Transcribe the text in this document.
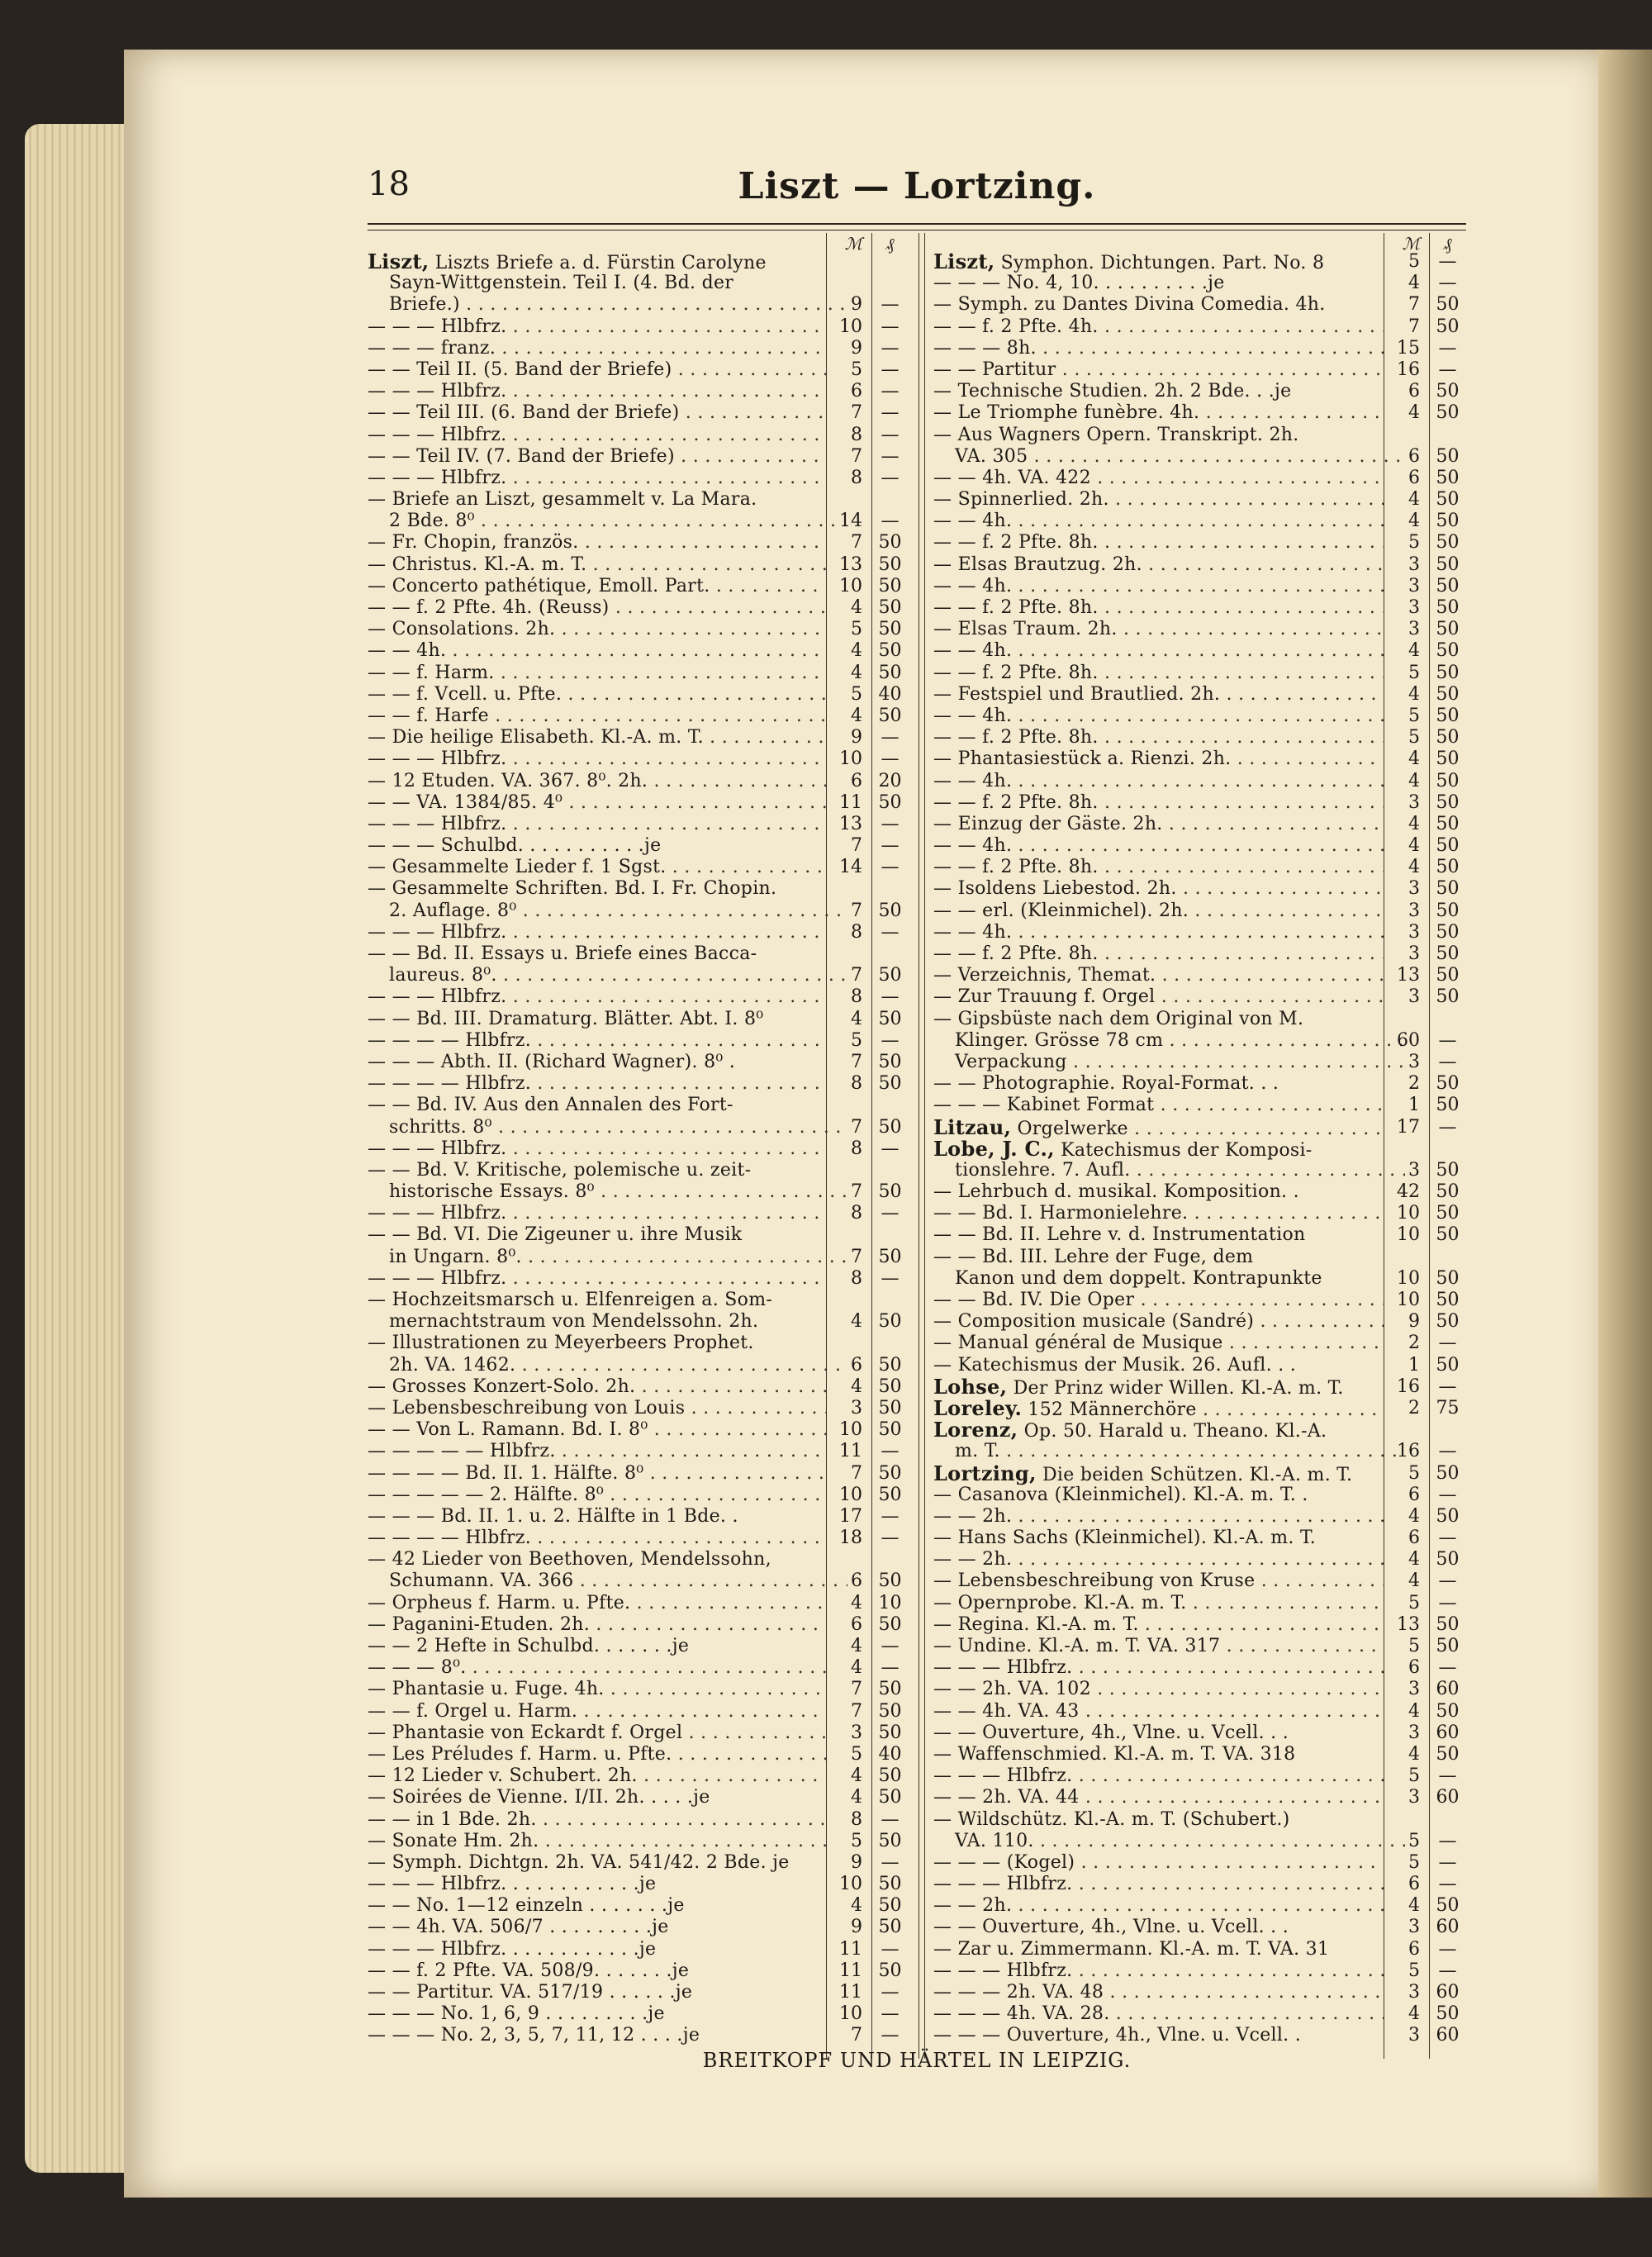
18	Liszt — Lortzing.
ℳ	₰
Liszt, Liszts Briefe a. d. Fürstin Carolyne
Sayn-Wittgenstein. Teil I. (4. Bd. der
Briefe.) . . .	9	—
— — — Hlbfrz. . . .	10	—
— — — franz. . . .	9	—
— — Teil II. (5. Band der Briefe) . . .	5	—
— — — Hlbfrz. . . .	6	—
— — Teil III. (6. Band der Briefe) . . .	7	—
— — — Hlbfrz. . . .	8	—
— — Teil IV. (7. Band der Briefe) . . .	7	—
— — — Hlbfrz. . . .	8	—
— Briefe an Liszt, gesammelt v. La Mara.
2 Bde. 8⁰ . . .	14	—
— Fr. Chopin, französ. . . .	7 50
— Christus. Kl.-A. m. T. . . .	13 50
— Concerto pathétique, Emoll. Part. . . .	10 50
— — f. 2 Pfte. 4h. (Reuss) . . .	4 50
— Consolations. 2h. . . .	5 50
— — 4h. . . .	4 50
— — f. Harm. . . .	4 50
— — f. Vcell. u. Pfte. . . .	5 40
— — f. Harfe . . .	4 50
— Die heilige Elisabeth. Kl.-A. m. T. . . .	9	—
— — — Hlbfrz. . . .	10	—
— 12 Etuden. VA. 367. 8⁰. 2h. . . .	6 20
— — VA. 1384/85. 4⁰ . . .	11 50
— — — Hlbfrz. . . .	13	—
— — — Schulbd. . . . . . . . . . .je	7	—
— Gesammelte Lieder f. 1 Sgst. . . .	14	—
— Gesammelte Schriften. Bd. I. Fr. Chopin.
2. Auflage. 8⁰ . . .	7 50
— — — Hlbfrz. . . .	8	—
— — Bd. II. Essays u. Briefe eines Bacca-
laureus. 8⁰. . . .	7 50
— — — Hlbfrz. . . .	8	—
— — Bd. III. Dramaturg. Blätter. Abt. I. 8⁰	4 50
— — — — Hlbfrz. . . .	5	—
— — — Abth. II. (Richard Wagner). 8⁰ .	7 50
— — — — Hlbfrz. . . .	8 50
— — Bd. IV. Aus den Annalen des Fort-
schritts. 8⁰ . . .	7 50
— — — Hlbfrz. . . .	8	—
— — Bd. V. Kritische, polemische u. zeit-
historische Essays. 8⁰ . . .	7 50
— — — Hlbfrz. . . .	8	—
— — Bd. VI. Die Zigeuner u. ihre Musik
in Ungarn. 8⁰. . . .	7 50
— — — Hlbfrz. . . .	8	—
— Hochzeitsmarsch u. Elfenreigen a. Som-
mernachtstraum von Mendelssohn. 2h.	4 50
— Illustrationen zu Meyerbeers Prophet.
2h. VA. 1462. . . .	6 50
— Grosses Konzert-Solo. 2h. . . .	4 50
— Lebensbeschreibung von Louis . . .	3 50
— — Von L. Ramann. Bd. I. 8⁰ . . .	10 50
— — — — — Hlbfrz. . . .	11	—
— — — — Bd. II. 1. Hälfte. 8⁰ . . .	7 50
— — — — — 2. Hälfte. 8⁰ . . .	10 50
— — — Bd. II. 1. u. 2. Hälfte in 1 Bde. .	17	—
— — — — Hlbfrz. . . .	18	—
— 42 Lieder von Beethoven, Mendelssohn,
Schumann. VA. 366 . . .	6 50
— Orpheus f. Harm. u. Pfte. . . .	4 10
— Paganini-Etuden. 2h. . . .	6 50
— — 2 Hefte in Schulbd. . . . . . .je	4	—
— — — 8⁰. . . .	4	—
— Phantasie u. Fuge. 4h. . . .	7 50
— — f. Orgel u. Harm. . . .	7 50
— Phantasie von Eckardt f. Orgel . . .	3 50
— Les Préludes f. Harm. u. Pfte. . . .	5 40
— 12 Lieder v. Schubert. 2h. . . .	4 50
— Soirées de Vienne. I/II. 2h. . . . .je	4 50
— — in 1 Bde. 2h. . . .	8	—
— Sonate Hm. 2h. . . .	5 50
— Symph. Dichtgn. 2h. VA. 541/42. 2 Bde. je	9	—
— — — Hlbfrz. . . . . . . . . . . .je	10 50
— — No. 1—12 einzeln . . . . . . .je	4 50
— — 4h. VA. 506/7 . . . . . . . . .je	9 50
— — — Hlbfrz. . . . . . . . . . . .je	11	—
— — f. 2 Pfte. VA. 508/9. . . . . . .je	11 50
— — Partitur. VA. 517/19 . . . . . .je	11	—
— — — No. 1, 6, 9 . . . . . . . . .je	10	—
— — — No. 2, 3, 5, 7, 11, 12 . . . .je	7	—
ℳ	₰
Liszt, Symphon. Dichtungen. Part. No. 8	5	—
— — — No. 4, 10. . . . . . . . . .je	4	—
— Symph. zu Dantes Divina Comedia. 4h.	7 50
— — f. 2 Pfte. 4h. . . .	7 50
— — — 8h. . . .	15	—
— — Partitur . . .	16	—
— Technische Studien. 2h. 2 Bde. . .je	6 50
— Le Triomphe funèbre. 4h. . . .	4 50
— Aus Wagners Opern. Transkript. 2h.
VA. 305 . . .	6 50
— — 4h. VA. 422 . . .	6 50
— Spinnerlied. 2h. . . .	4 50
— — 4h. . . .	4 50
— — f. 2 Pfte. 8h. . . .	5 50
— Elsas Brautzug. 2h. . . .	3 50
— — 4h. . . .	3 50
— — f. 2 Pfte. 8h. . . .	3 50
— Elsas Traum. 2h. . . .	3 50
— — 4h. . . .	4 50
— — f. 2 Pfte. 8h. . . .	5 50
— Festspiel und Brautlied. 2h. . . .	4 50
— — 4h. . . .	5 50
— — f. 2 Pfte. 8h. . . .	5 50
— Phantasiestück a. Rienzi. 2h. . . .	4 50
— — 4h. . . .	4 50
— — f. 2 Pfte. 8h. . . .	3 50
— Einzug der Gäste. 2h. . . .	4 50
— — 4h. . . .	4 50
— — f. 2 Pfte. 8h. . . .	4 50
— Isoldens Liebestod. 2h. . . .	3 50
— — erl. (Kleinmichel). 2h. . . .	3 50
— — 4h. . . .	3 50
— — f. 2 Pfte. 8h. . . .	3 50
— Verzeichnis, Themat. . . .	13 50
— Zur Trauung f. Orgel . . .	3 50
— Gipsbüste nach dem Original von M.
Klinger. Grösse 78 cm . . .	60	—
Verpackung . . .	3	—
— — Photographie. Royal-Format. . .	2 50
— — — Kabinet Format . . .	1 50
Litzau, Orgelwerke . . .	17	—
Lobe, J. C., Katechismus der Komposi-
tionslehre. 7. Aufl. . . .	3 50
— Lehrbuch d. musikal. Komposition. .	42 50
— — Bd. I. Harmonielehre. . . .	10 50
— — Bd. II. Lehre v. d. Instrumentation	10 50
— — Bd. III. Lehre der Fuge, dem
Kanon und dem doppelt. Kontrapunkte	10 50
— — Bd. IV. Die Oper . . .	10 50
— Composition musicale (Sandré) . . .	9 50
— Manual général de Musique . . .	2	—
— Katechismus der Musik. 26. Aufl. . .	1 50
Lohse, Der Prinz wider Willen. Kl.-A. m. T.	16	—
Loreley. 152 Männerchöre . . .	2 75
Lorenz, Op. 50. Harald u. Theano. Kl.-A.
m. T. . . .	16	—
Lortzing, Die beiden Schützen. Kl.-A. m. T.	5 50
— Casanova (Kleinmichel). Kl.-A. m. T. .	6	—
— — 2h. . . .	4 50
— Hans Sachs (Kleinmichel). Kl.-A. m. T.	6	—
— — 2h. . . .	4 50
— Lebensbeschreibung von Kruse . . .	4	—
— Opernprobe. Kl.-A. m. T. . . .	5	—
— Regina. Kl.-A. m. T. . . .	13 50
— Undine. Kl.-A. m. T. VA. 317 . . .	5 50
— — — Hlbfrz. . . .	6	—
— — 2h. VA. 102 . . .	3 60
— — 4h. VA. 43 . . .	4 50
— — Ouverture, 4h., Vlne. u. Vcell. . .	3 60
— Waffenschmied. Kl.-A. m. T. VA. 318	4 50
— — — Hlbfrz. . . .	5	—
— — 2h. VA. 44 . . .	3 60
— Wildschütz. Kl.-A. m. T. (Schubert.)
VA. 110. . . .	5	—
— — — (Kogel) . . .	5	—
— — — Hlbfrz. . . .	6	—
— — 2h. . . .	4 50
— — Ouverture, 4h., Vlne. u. Vcell. . .	3 60
— Zar u. Zimmermann. Kl.-A. m. T. VA. 31	6	—
— — — Hlbfrz. . . .	5	—
— — — 2h. VA. 48 . . .	3 60
— — — 4h. VA. 28. . . .	4 50
— — — Ouverture, 4h., Vlne. u. Vcell. .	3 60
BREITKOPF UND HÄRTEL IN LEIPZIG.
